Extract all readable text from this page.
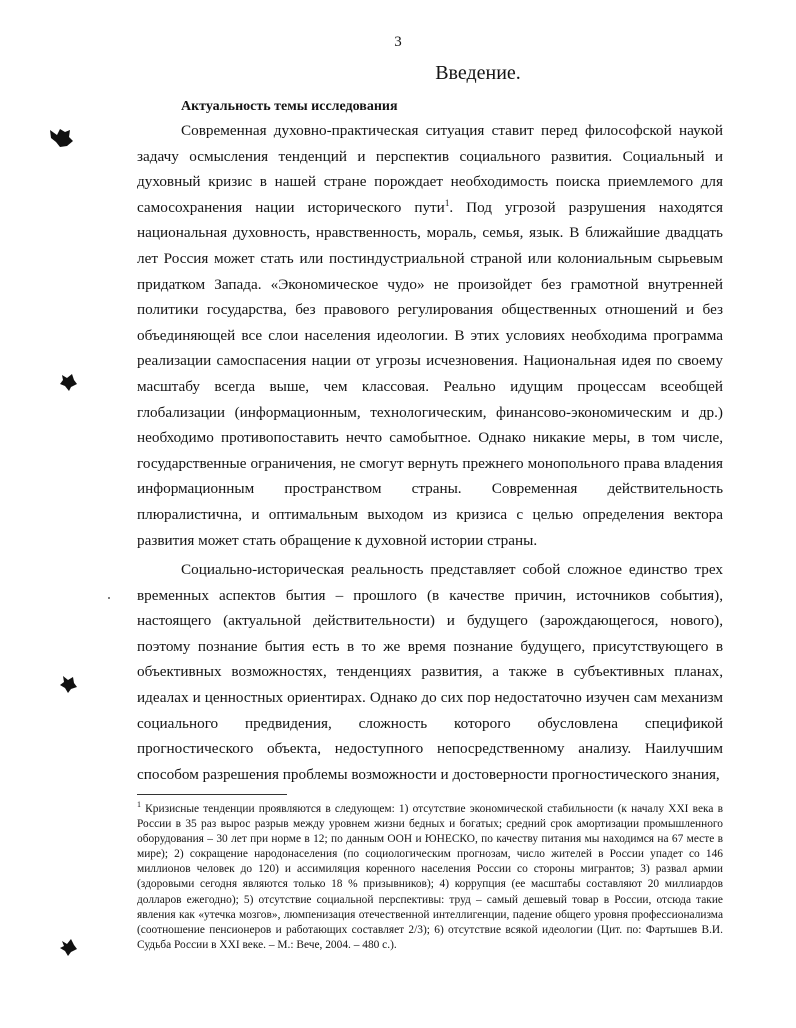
3
Введение.
Актуальность темы исследования

Современная духовно-практическая ситуация ставит перед философской наукой задачу осмысления тенденций и перспектив социального развития. Социальный и духовный кризис в нашей стране порождает необходимость поиска приемлемого для самосохранения нации исторического пути$^1$. Под угрозой разрушения находятся национальная духовность, нравственность, мораль, семья, язык. В ближайшие двадцать лет Россия может стать или постиндустриальной страной или колониальным сырьевым придатком Запада. «Экономическое чудо» не произойдет без грамотной внутренней политики государства, без правового регулирования общественных отношений и без объединяющей все слои населения идеологии. В этих условиях необходима программа реализации самоспасения нации от угрозы исчезновения. Национальная идея по своему масштабу всегда выше, чем классовая. Реально идущим процессам всеобщей глобализации (информационным, технологическим, финансово-экономическим и др.) необходимо противопоставить нечто самобытное. Однако никакие меры, в том числе, государственные ограничения, не смогут вернуть прежнего монопольного права владения информационным пространством страны. Современная действительность плюралистична, и оптимальным выходом из кризиса с целью определения вектора развития может стать обращение к духовной истории страны.

Социально-историческая реальность представляет собой сложное единство трех временных аспектов бытия – прошлого (в качестве причин, источников события), настоящего (актуальной действительности) и будущего (зарождающегося, нового), поэтому познание бытия есть в то же время познание будущего, присутствующего в объективных возможностях, тенденциях развития, а также в субъективных планах, идеалах и ценностных ориентирах. Однако до сих пор недостаточно изучен сам механизм социального предвидения, сложность которого обусловлена спецификой прогностического объекта, недоступного непосредственному анализу. Наилучшим способом разрешения проблемы возможности и достоверности прогностического знания,

$^1$ Кризисные тенденции проявляются в следующем: 1) отсутствие экономической стабильности (к началу XXI века в России в 35 раз вырос разрыв между уровнем жизни бедных и богатых; средний срок амортизации промышленного оборудования – 30 лет при норме в 12; по данным ООН и ЮНЕСКО, по качеству питания мы находимся на 67 месте в мире); 2) сокращение народонаселения (по социологическим прогнозам, число жителей в России упадет со 146 миллионов человек до 120) и ассимиляция коренного населения России со стороны мигрантов; 3) развал армии (здоровыми сегодня являются только 18 % призывников); 4) коррупция (ее масштабы составляют 20 миллиардов долларов ежегодно); 5) отсутствие социальной перспективы: труд – самый дешевый товар в России, отсюда такие явления как «утечка мозгов», люмпенизация отечественной интеллигенции, падение общего уровня профессионализма (соотношение пенсионеров и работающих составляет 2/3); 6) отсутствие всякой идеологии (Цит. по: Фартышев В.И. Судьба России в XXI веке. – М.: Вече, 2004. – 480 с.).
